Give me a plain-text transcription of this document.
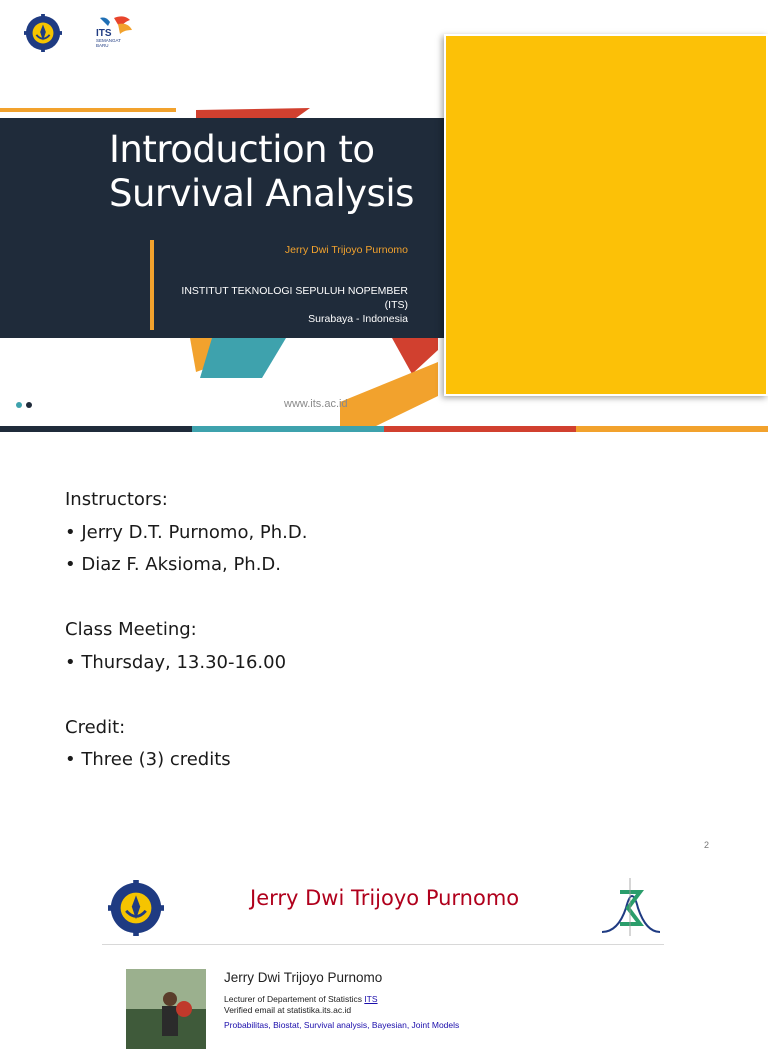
ITS
SEMANGAT
BARU
Introduction to
Survival Analysis
Jerry Dwi Trijoyo Purnomo
INSTITUT TEKNOLOGI SEPULUH NOPEMBER
(ITS)
Surabaya - Indonesia
www.its.ac.id
Instructors:
• Jerry D.T. Purnomo, Ph.D.
• Diaz F. Aksioma, Ph.D.
Class Meeting:
• Thursday, 13.30-16.00
Credit:
• Three (3) credits
2
Jerry Dwi Trijoyo Purnomo
Jerry Dwi Trijoyo Purnomo
Lecturer of Departement of Statistics ITS
Verified email at statistika.its.ac.id
Probabilitas, Biostat, Survival analysis, Bayesian, Joint Models
